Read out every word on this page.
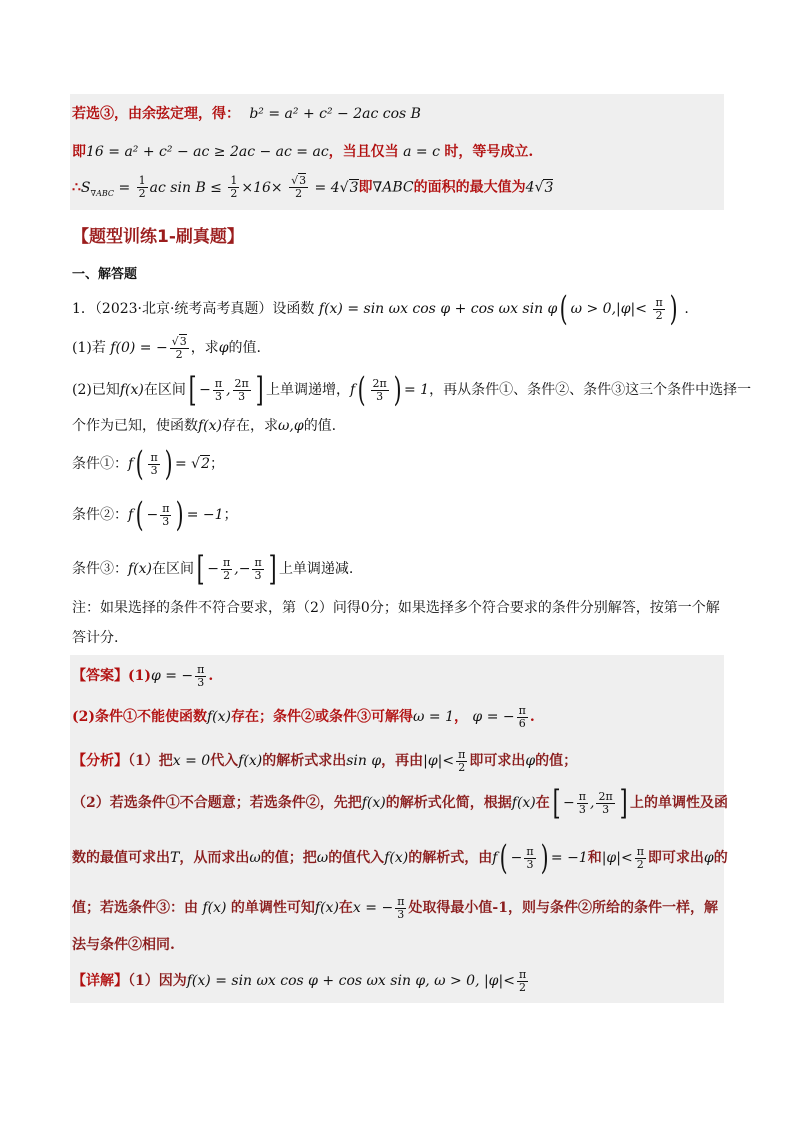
若选③，由余弦定理，得：  b² = a² + c² − 2ac cos B
即16 = a² + c² − ac ≥ 2ac − ac = ac，当且仅当 a = c 时，等号成立.
$\therefore S_{\nabla ABC} = \frac{1}{2}$ ac $\sin B \le \frac{1}{2} \times 16\times \frac{√3}{2} = 4√3$即∇ABC的面积的最大值为4√3
【题型训练1-刷真题】
一、解答题
1．（2023·北京·统考高考真题）设函数 f(x) = sin ωx cos φ + cos ωx sin φ( $\omega > 0,|\varphi|< \frac{\pi}{2}$ ) .
(1)若 f(0) = − $\frac{√3}{2}$ ，求φ的值.
(2)已知f(x)在区间[ − $\frac{\pi}{3}$ , $\frac{2\pi}{3}$ ] 上单调递增，$f( \frac{2\pi}{3}$ ) = 1，再从条件①、条件②、条件③这三个条件中选择一
个作为已知，使函数f(x)存在，求ω,φ的值.
条件①：$f( \frac{\pi}{3}$ ) = √2；
条件②：$f( - \frac{\pi}{3}$ ) = −1；
条件③：f(x)在区间[ − $\frac{\pi}{2}$ ,− $\frac{\pi}{3}$ ] 上单调递减.
注：如果选择的条件不符合要求，第（2）问得0分；如果选择多个符合要求的条件分别解答，按第一个解
答计分.
【答案】(1)φ = − $\frac{\pi}{3}$ .
(2)条件①不能使函数f(x)存在；条件②或条件③可解得ω = 1， φ = − $\frac{\pi}{6}$ .
【分析】（1）把x = 0代入f(x)的解析式求出sin φ，再由$|\varphi|< \frac{\pi}{2}$ 即可求出φ的值；
（2）若选条件①不合题意；若选条件②，先把f(x)的解析式化简，根据f(x)在[ − $\frac{\pi}{3}$ , $\frac{2\pi}{3}$ ] 上的单调性及函
数的最值可求出T，从而求出ω的值；把ω的值代入f(x)的解析式，由$f( - \frac{\pi}{3}$ ) = −1和$|\varphi|< \frac{\pi}{2}$ 即可求出φ的
值；若选条件③：由 f(x) 的单调性可知f(x)在x = − $\frac{\pi}{3}$ 处取得最小值-1，则与条件②所给的条件一样，解
法与条件②相同.
【详解】（1）因为f(x) = sin ωx cos φ + cos ωx sin φ, ω > 0, $|\varphi|< \frac{\pi}{2}$
